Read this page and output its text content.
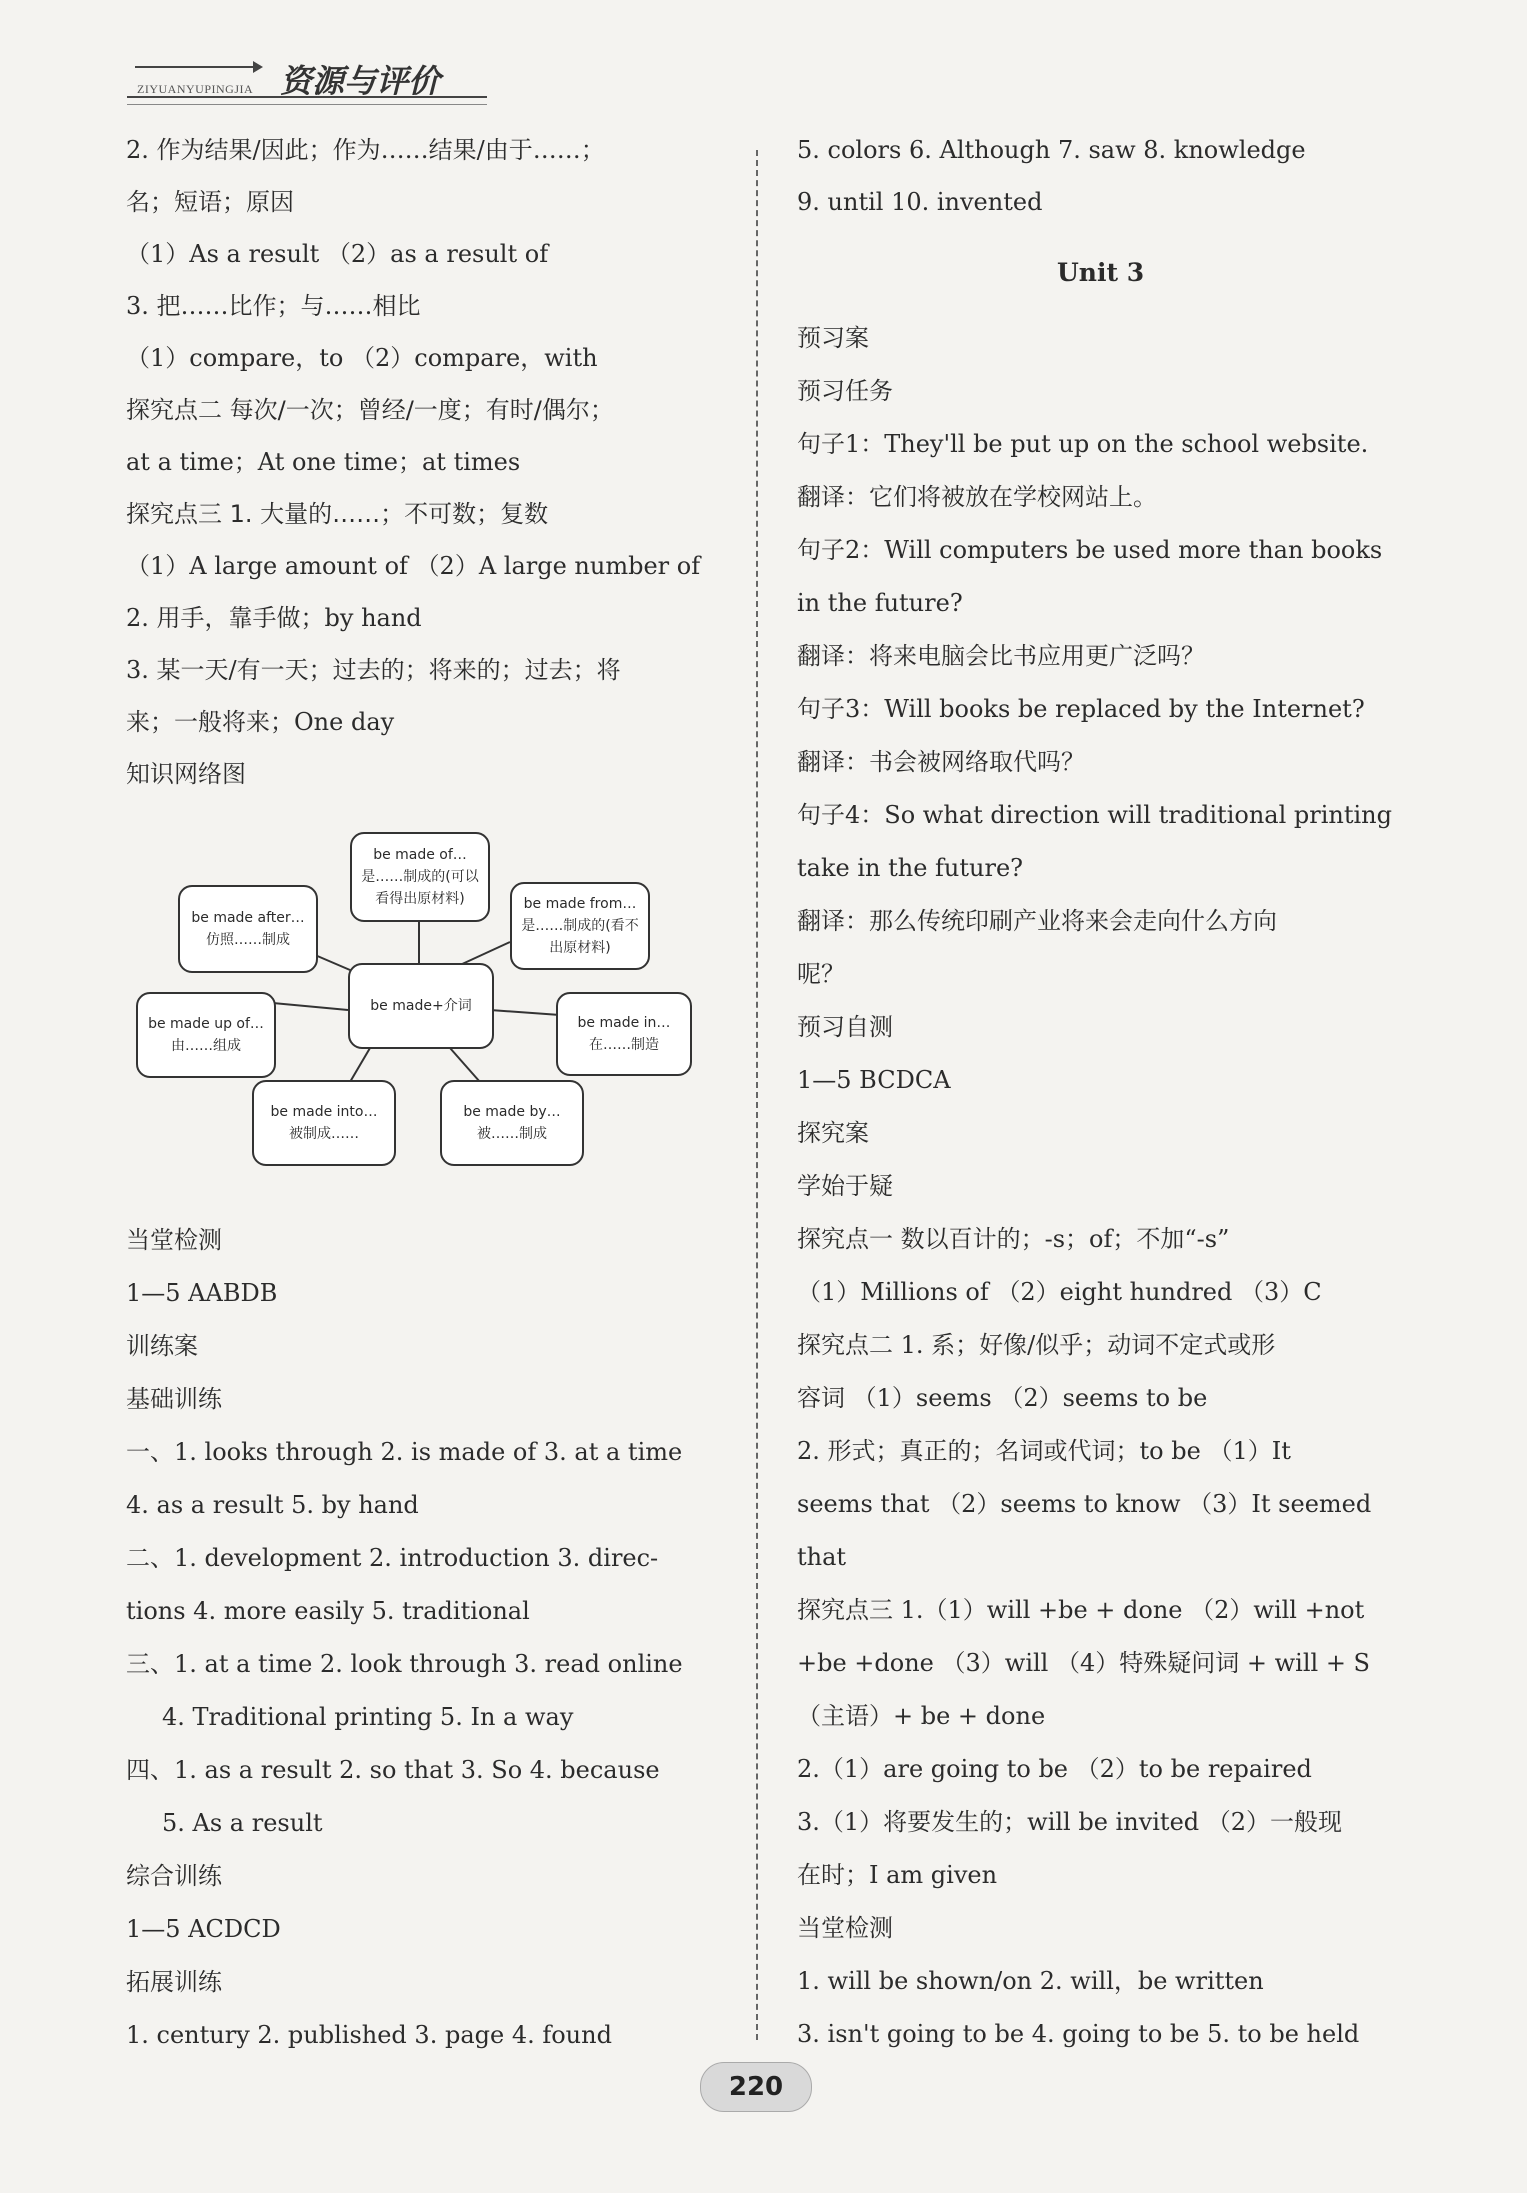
ZIYUANYUPINGJIA 资源与评价
2. 作为结果/因此；作为……结果/由于……；
名；短语；原因
（1）As a result （2）as a result of
3. 把……比作；与……相比
（1）compare，to （2）compare，with
探究点二 每次/一次；曾经/一度；有时/偶尔；
at a time；At one time；at times
探究点三 1. 大量的……；不可数；复数
（1）A large amount of （2）A large number of
2. 用手，靠手做；by hand
3. 某一天/有一天；过去的；将来的；过去；将
来；一般将来；One day
知识网络图
be made+介词
be made of…
是……制成的(可以
看得出原材料)	be made from…
是……制成的(看不
出原材料)
be made after…
仿照……制成
be made up of…
由……组成
be made in…
在……制造
be made into…
被制成……
be made by…
被……制成
当堂检测
1—5 AABDB
训练案
基础训练
一、1. looks through 2. is made of 3. at a time
4. as a result 5. by hand
二、1. development 2. introduction 3. direc-
tions 4. more easily 5. traditional
三、1. at a time 2. look through 3. read online
4. Traditional printing 5. In a way
四、1. as a result 2. so that 3. So 4. because
5. As a result
综合训练
1—5 ACDCD
拓展训练
1. century 2. published 3. page 4. found
5. colors 6. Although 7. saw 8. knowledge
9. until 10. invented
Unit 3
预习案
预习任务
句子1：They'll be put up on the school website.
翻译：它们将被放在学校网站上。
句子2：Will computers be used more than books
in the future?
翻译：将来电脑会比书应用更广泛吗？
句子3：Will books be replaced by the Internet?
翻译：书会被网络取代吗？
句子4：So what direction will traditional printing
take in the future?
翻译：那么传统印刷产业将来会走向什么方向
呢？
预习自测
1—5 BCDCA
探究案
学始于疑
探究点一 数以百计的；-s；of；不加“-s”
（1）Millions of （2）eight hundred （3）C
探究点二 1. 系；好像/似乎；动词不定式或形
容词 （1）seems （2）seems to be
2. 形式；真正的；名词或代词；to be （1）It
seems that （2）seems to know （3）It seemed
that
探究点三 1.（1）will +be + done （2）will +not
+be +done （3）will （4）特殊疑问词 + will + S
（主语）+ be + done
2.（1）are going to be （2）to be repaired
3.（1）将要发生的；will be invited （2）一般现
在时；I am given
当堂检测
1. will be shown/on 2. will，be written
3. isn't going to be 4. going to be 5. to be held
220
